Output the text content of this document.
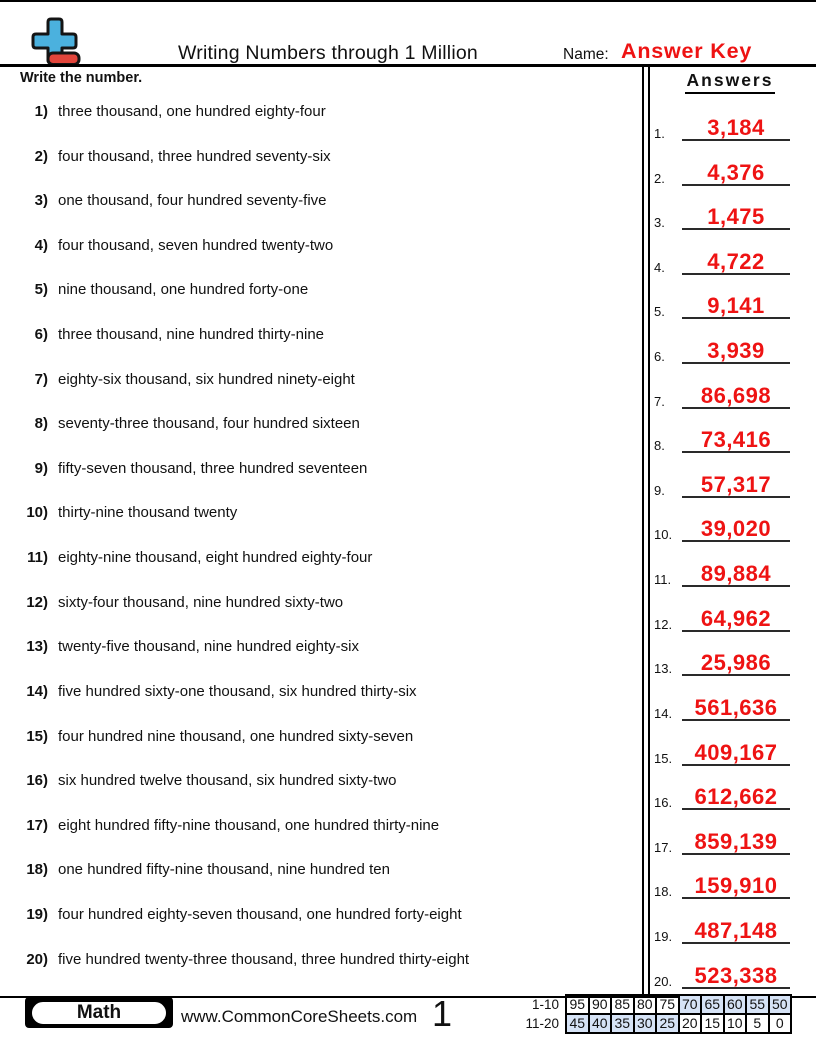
Writing Numbers through 1 Million	Name: Answer Key
Write the number.
1) three thousand, one hundred eighty-four
2) four thousand, three hundred seventy-six
3) one thousand, four hundred seventy-five
4) four thousand, seven hundred twenty-two
5) nine thousand, one hundred forty-one
6) three thousand, nine hundred thirty-nine
7) eighty-six thousand, six hundred ninety-eight
8) seventy-three thousand, four hundred sixteen
9) fifty-seven thousand, three hundred seventeen
10) thirty-nine thousand twenty
11) eighty-nine thousand, eight hundred eighty-four
12) sixty-four thousand, nine hundred sixty-two
13) twenty-five thousand, nine hundred eighty-six
14) five hundred sixty-one thousand, six hundred thirty-six
15) four hundred nine thousand, one hundred sixty-seven
16) six hundred twelve thousand, six hundred sixty-two
17) eight hundred fifty-nine thousand, one hundred thirty-nine
18) one hundred fifty-nine thousand, nine hundred ten
19) four hundred eighty-seven thousand, one hundred forty-eight
20) five hundred twenty-three thousand, three hundred thirty-eight
Answers
1.	3,184
2.	4,376
3.	1,475
4.	4,722
5.	9,141
6.	3,939
7.	86,698
8.	73,416
9.	57,317
10.	39,020
11.	89,884
12.	64,962
13.	25,986
14.	561,636
15.	409,167
16.	612,662
17.	859,139
18.	159,910
19.	487,148
20.	523,338
Math	www.CommonCoreSheets.com 1	1-10	95	90	85	80	75	70	65	60	55	50
11-20	45	40	35	30	25	20	15	10	5	0
